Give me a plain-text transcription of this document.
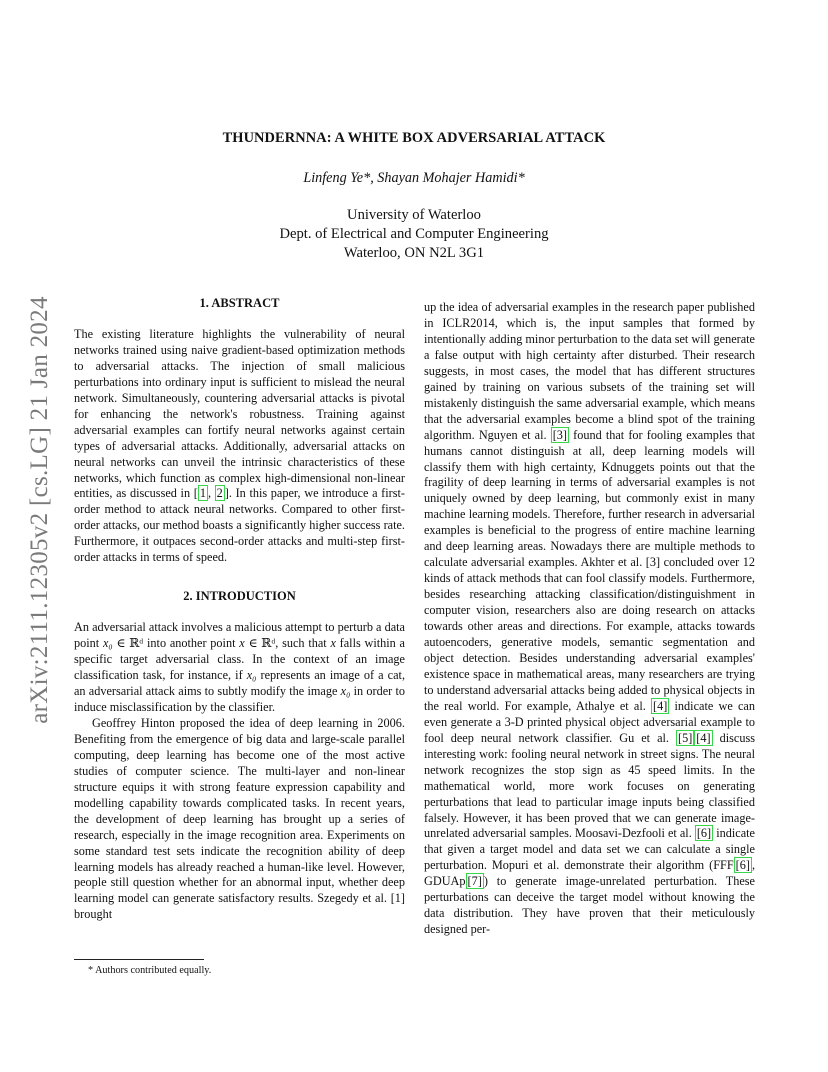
arXiv:2111.12305v2 [cs.LG] 21 Jan 2024
THUNDERNNA: A WHITE BOX ADVERSARIAL ATTACK
Linfeng Ye*, Shayan Mohajer Hamidi*
University of Waterloo
Dept. of Electrical and Computer Engineering
Waterloo, ON N2L 3G1
1. ABSTRACT

The existing literature highlights the vulnerability of neural networks trained using naive gradient-based optimization methods to adversarial attacks. The injection of small malicious perturbations into ordinary input is sufficient to mislead the neural network. Simultaneously, countering adversarial attacks is pivotal for enhancing the network's robustness. Training against adversarial examples can fortify neural networks against certain types of adversarial attacks. Additionally, adversarial attacks on neural networks can unveil the intrinsic characteristics of these networks, which function as complex high-dimensional non-linear entities, as discussed in [ 1 , 2 ]. In this paper, we introduce a first-order method to attack neural networks. Compared to other first-order attacks, our method boasts a significantly higher success rate. Furthermore, it outpaces second-order attacks and multi-step first-order attacks in terms of speed.

2. INTRODUCTION

An adversarial attack involves a malicious attempt to perturb a data point x₀ ∈ ℝᵈ into another point x ∈ ℝᵈ, such that x falls within a specific target adversarial class. In the context of an image classification task, for instance, if x₀ represents an image of a cat, an adversarial attack aims to subtly modify the image x₀ in order to induce misclassification by the classifier.

Geoffrey Hinton proposed the idea of deep learning in 2006. Benefiting from the emergence of big data and large-scale parallel computing, deep learning has become one of the most active studies of computer science. The multi-layer and non-linear structure equips it with strong feature expression capability and modelling capability towards complicated tasks. In recent years, the development of deep learning has brought up a series of research, especially in the image recognition area. Experiments on some standard test sets indicate the recognition ability of deep learning models has already reached a human-like level. However, people still question whether for an abnormal input, whether deep learning model can generate satisfactory results. Szegedy et al. [1] brought

up the idea of adversarial examples in the research paper published in ICLR2014, which is, the input samples that formed by intentionally adding minor perturbation to the data set will generate a false output with high certainty after disturbed. Their research suggests, in most cases, the model that has different structures gained by training on various subsets of the training set will mistakenly distinguish the same adversarial example, which means that the adversarial examples become a blind spot of the training algorithm. Nguyen et al. [3] found that for fooling examples that humans cannot distinguish at all, deep learning models will classify them with high certainty, Kdnuggets points out that the fragility of deep learning in terms of adversarial examples is not uniquely owned by deep learning, but commonly exist in many machine learning models. Therefore, further research in adversarial examples is beneficial to the progress of entire machine learning and deep learning areas. Nowadays there are multiple methods to calculate adversarial examples. Akhter et al. [3] concluded over 12 kinds of attack methods that can fool classify models. Furthermore, besides researching attacking classification/distinguishment in computer vision, researchers also are doing research on attacks towards other areas and directions. For example, attacks towards autoencoders, generative models, semantic segmentation and object detection. Besides understanding adversarial examples' existence space in mathematical areas, many researchers are trying to understand adversarial attacks being added to physical objects in the real world. For example, Athalye et al. [4] indicate we can even generate a 3-D printed physical object adversarial example to fool deep neural network classifier. Gu et al. [5] [4] discuss interesting work: fooling neural network in street signs. The neural network recognizes the stop sign as 45 speed limits. In the mathematical world, more work focuses on generating perturbations that lead to particular image inputs being classified falsely. However, it has been proved that we can generate image-unrelated adversarial samples. Moosavi-Dezfooli et al. [6] indicate that given a target model and data set we can calculate a single perturbation. Mopuri et al. demonstrate their algorithm (FFF [6] , GDUAp [7] ) to generate image-unrelated perturbation. These perturbations can deceive the target model without knowing the data distribution. They have proven that their meticulously designed per-

* Authors contributed equally.
